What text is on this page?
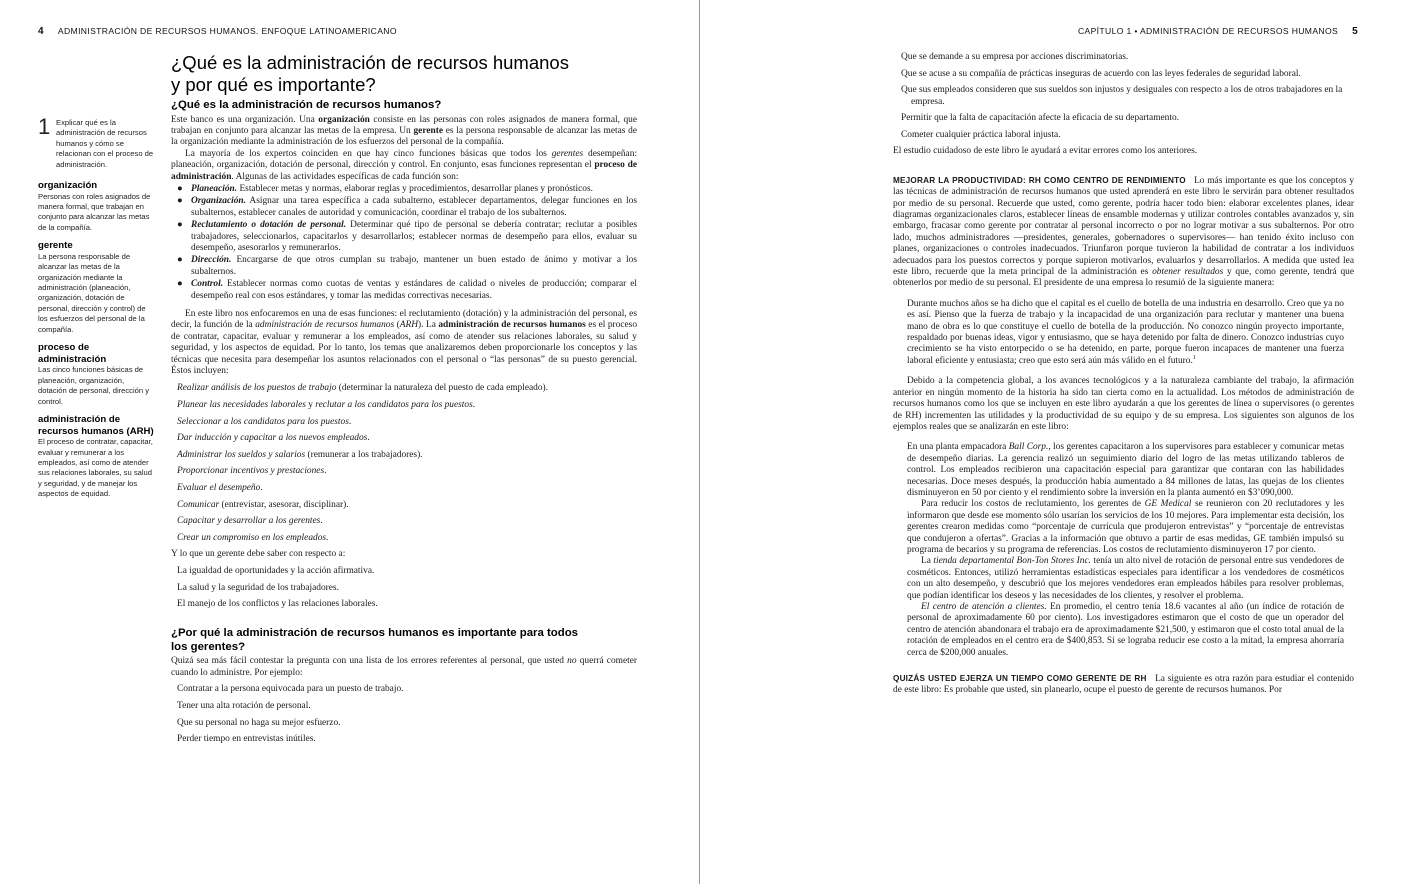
4 ADMINISTRACIÓN DE RECURSOS HUMANOS. ENFOQUE LATINOAMERICANO
1 Explicar qué es la administración de recursos humanos y cómo se relacionan con el proceso de administración.
organización
Personas con roles asignados de manera formal, que trabajan en conjunto para alcanzar las metas de la compañía.
gerente
La persona responsable de alcanzar las metas de la organización mediante la administración (planeación, organización, dotación de personal, dirección y control) de los esfuerzos del personal de la compañía.
proceso de administración
Las cinco funciones básicas de planeación, organización, dotación de personal, dirección y control.
administración de recursos humanos (ARH)
El proceso de contratar, capacitar, evaluar y remunerar a los empleados, así como de atender sus relaciones laborales, su salud y seguridad, y de manejar los aspectos de equidad.
¿Qué es la administración de recursos humanos
y por qué es importante?
¿Qué es la administración de recursos humanos?

Este banco es una organización. Una organización consiste en las personas con roles asignados de manera formal, que trabajan en conjunto para alcanzar las metas de la empresa. Un gerente es la persona responsable de alcanzar las metas de la organización mediante la administración de los esfuerzos del personal de la compañía.

La mayoría de los expertos coinciden en que hay cinco funciones básicas que todos los gerentes desempeñan: planeación, organización, dotación de personal, dirección y control. En conjunto, esas funciones representan el proceso de administración. Algunas de las actividades específicas de cada función son:

● Planeación. Establecer metas y normas, elaborar reglas y procedimientos, desarrollar planes y pronósticos.
● Organización. Asignar una tarea específica a cada subalterno, establecer departamentos, delegar funciones en los subalternos, establecer canales de autoridad y comunicación, coordinar el trabajo de los subalternos.
● Reclutamiento o dotación de personal. Determinar qué tipo de personal se debería contratar; reclutar a posibles trabajadores, seleccionarlos, capacitarlos y desarrollarlos; establecer normas de desempeño para ellos, evaluar su desempeño, asesorarlos y remunerarlos.
● Dirección. Encargarse de que otros cumplan su trabajo, mantener un buen estado de ánimo y motivar a los subalternos.
● Control. Establecer normas como cuotas de ventas y estándares de calidad o niveles de producción; comparar el desempeño real con esos estándares, y tomar las medidas correctivas necesarias.

En este libro nos enfocaremos en una de esas funciones: el reclutamiento (dotación) y la administración del personal, es decir, la función de la administración de recursos humanos (ARH). La administración de recursos humanos es el proceso de contratar, capacitar, evaluar y remunerar a los empleados, así como de atender sus relaciones laborales, su salud y seguridad, y los aspectos de equidad. Por lo tanto, los temas que analizaremos deben proporcionarle los conceptos y las técnicas que necesita para desempeñar los asuntos relacionados con el personal o “las personas” de su puesto gerencial. Éstos incluyen:

Realizar análisis de los puestos de trabajo (determinar la naturaleza del puesto de cada empleado).
Planear las necesidades laborales y reclutar a los candidatos para los puestos.
Seleccionar a los candidatos para los puestos.
Dar inducción y capacitar a los nuevos empleados.
Administrar los sueldos y salarios (remunerar a los trabajadores).
Proporcionar incentivos y prestaciones.
Evaluar el desempeño.
Comunicar (entrevistar, asesorar, disciplinar).
Capacitar y desarrollar a los gerentes.
Crear un compromiso en los empleados.

Y lo que un gerente debe saber con respecto a:

La igualdad de oportunidades y la acción afirmativa.
La salud y la seguridad de los trabajadores.
El manejo de los conflictos y las relaciones laborales.
¿Por qué la administración de recursos humanos es importante para todos
los gerentes?

Quizá sea más fácil contestar la pregunta con una lista de los errores referentes al personal, que usted no querrá cometer cuando lo administre. Por ejemplo:

Contratar a la persona equivocada para un puesto de trabajo.
Tener una alta rotación de personal.
Que su personal no haga su mejor esfuerzo.
Perder tiempo en entrevistas inútiles.
CAPÍTULO 1 • ADMINISTRACIÓN DE RECURSOS HUMANOS 5
Que se demande a su empresa por acciones discriminatorias.
Que se acuse a su compañía de prácticas inseguras de acuerdo con las leyes federales de seguridad laboral.
Que sus empleados consideren que sus sueldos son injustos y desiguales con respecto a los de otros trabajadores en la empresa.
Permitir que la falta de capacitación afecte la eficacia de su departamento.
Cometer cualquier práctica laboral injusta.

El estudio cuidadoso de este libro le ayudará a evitar errores como los anteriores.

MEJORAR LA PRODUCTIVIDAD: RH COMO CENTRO DE RENDIMIENTO Lo más importante es que los conceptos y las técnicas de administración de recursos humanos que usted aprenderá en este libro le servirán para obtener resultados por medio de su personal. Recuerde que usted, como gerente, podría hacer todo bien: elaborar excelentes planes, idear diagramas organizacionales claros, establecer líneas de ensamble modernas y utilizar controles contables avanzados y, sin embargo, fracasar como gerente por contratar al personal incorrecto o por no lograr motivar a sus subalternos. Por otro lado, muchos administradores —presidentes, generales, gobernadores o supervisores— han tenido éxito incluso con planes, organizaciones o controles inadecuados. Triunfaron porque tuvieron la habilidad de contratar a los individuos adecuados para los puestos correctos y porque supieron motivarlos, evaluarlos y desarrollarlos. A medida que usted lea este libro, recuerde que la meta principal de la administración es obtener resultados y que, como gerente, tendrá que obtenerlos por medio de su personal. El presidente de una empresa lo resumió de la siguiente manera:

Durante muchos años se ha dicho que el capital es el cuello de botella de una industria en desarrollo. Creo que ya no es así. Pienso que la fuerza de trabajo y la incapacidad de una organización para reclutar y mantener una buena mano de obra es lo que constituye el cuello de botella de la producción. No conozco ningún proyecto importante, respaldado por buenas ideas, vigor y entusiasmo, que se haya detenido por falta de dinero. Conozco industrias cuyo crecimiento se ha visto entorpecido o se ha detenido, en parte, porque fueron incapaces de mantener una fuerza laboral eficiente y entusiasta; creo que esto será aún más válido en el futuro.$^1$

Debido a la competencia global, a los avances tecnológicos y a la naturaleza cambiante del trabajo, la afirmación anterior en ningún momento de la historia ha sido tan cierta como en la actualidad. Los métodos de administración de recursos humanos como los que se incluyen en este libro ayudarán a que los gerentes de línea o supervisores (o gerentes de RH) incrementen las utilidades y la productividad de su equipo y de su empresa. Los siguientes son algunos de los ejemplos reales que se analizarán en este libro:

En una planta empacadora Ball Corp., los gerentes capacitaron a los supervisores para establecer y comunicar metas de desempeño diarias. La gerencia realizó un seguimiento diario del logro de las metas utilizando tableros de control. Los empleados recibieron una capacitación especial para garantizar que contaran con las habilidades necesarias. Doce meses después, la producción había aumentado a 84 millones de latas, las quejas de los clientes disminuyeron en 50 por ciento y el rendimiento sobre la inversión en la planta aumentó en $3’090,000.

Para reducir los costos de reclutamiento, los gerentes de GE Medical se reunieron con 20 reclutadores y les informaron que desde ese momento sólo usarían los servicios de los 10 mejores. Para implementar esta decisión, los gerentes crearon medidas como “porcentaje de currícula que produjeron entrevistas” y “porcentaje de entrevistas que condujeron a ofertas”. Gracias a la información que obtuvo a partir de esas medidas, GE también impulsó su programa de becarios y su programa de referencias. Los costos de reclutamiento disminuyeron 17 por ciento.

La tienda departamental Bon-Ton Stores Inc. tenía un alto nivel de rotación de personal entre sus vendedores de cosméticos. Entonces, utilizó herramientas estadísticas especiales para identificar a los vendedores de cosméticos con un alto desempeño, y descubrió que los mejores vendedores eran empleados hábiles para resolver problemas, que podían identificar los deseos y las necesidades de los clientes, y resolver el problema.

El centro de atención a clientes. En promedio, el centro tenía 18.6 vacantes al año (un índice de rotación de personal de aproximadamente 60 por ciento). Los investigadores estimaron que el costo de que un operador del centro de atención abandonara el trabajo era de aproximadamente $21,500, y estimaron que el costo total anual de la rotación de empleados en el centro era de $400,853. Si se lograba reducir ese costo a la mitad, la empresa ahorraría cerca de $200,000 anuales.

QUIZÁS USTED EJERZA UN TIEMPO COMO GERENTE DE RH La siguiente es otra razón para estudiar el contenido de este libro: Es probable que usted, sin planearlo, ocupe el puesto de gerente de recursos humanos. Por
